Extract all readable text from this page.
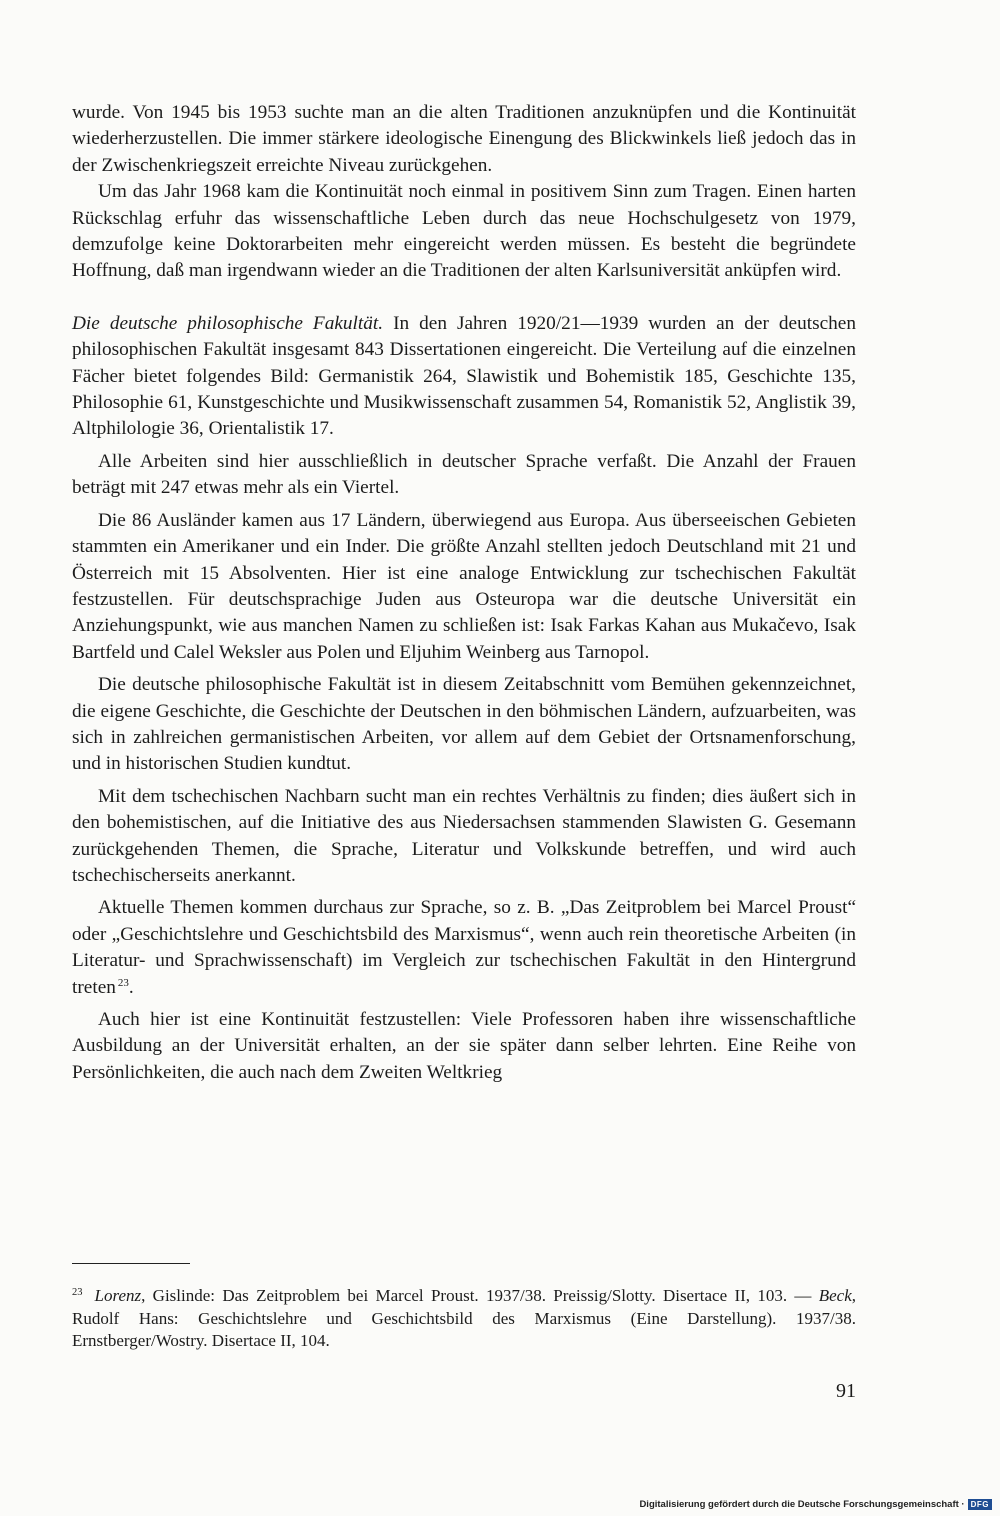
wurde. Von 1945 bis 1953 suchte man an die alten Traditionen anzuknüpfen und die Kontinuität wiederherzustellen. Die immer stärkere ideologische Einengung des Blickwinkels ließ jedoch das in der Zwischenkriegszeit erreichte Niveau zurückgehen.

Um das Jahr 1968 kam die Kontinuität noch einmal in positivem Sinn zum Tragen. Einen harten Rückschlag erfuhr das wissenschaftliche Leben durch das neue Hochschulgesetz von 1979, demzufolge keine Doktorarbeiten mehr eingereicht werden müssen. Es besteht die begründete Hoffnung, daß man irgendwann wieder an die Traditionen der alten Karlsuniversität anküpfen wird.

Die deutsche philosophische Fakultät. In den Jahren 1920/21—1939 wurden an der deutschen philosophischen Fakultät insgesamt 843 Dissertationen eingereicht. Die Verteilung auf die einzelnen Fächer bietet folgendes Bild: Germanistik 264, Slawistik und Bohemistik 185, Geschichte 135, Philosophie 61, Kunstgeschichte und Musikwissenschaft zusammen 54, Romanistik 52, Anglistik 39, Altphilologie 36, Orientalistik 17.

Alle Arbeiten sind hier ausschließlich in deutscher Sprache verfaßt. Die Anzahl der Frauen beträgt mit 247 etwas mehr als ein Viertel.

Die 86 Ausländer kamen aus 17 Ländern, überwiegend aus Europa. Aus überseeischen Gebieten stammten ein Amerikaner und ein Inder. Die größte Anzahl stellten jedoch Deutschland mit 21 und Österreich mit 15 Absolventen. Hier ist eine analoge Entwicklung zur tschechischen Fakultät festzustellen. Für deutschsprachige Juden aus Osteuropa war die deutsche Universität ein Anziehungspunkt, wie aus manchen Namen zu schließen ist: Isak Farkas Kahan aus Mukačevo, Isak Bartfeld und Calel Weksler aus Polen und Eljuhim Weinberg aus Tarnopol.

Die deutsche philosophische Fakultät ist in diesem Zeitabschnitt vom Bemühen gekennzeichnet, die eigene Geschichte, die Geschichte der Deutschen in den böhmischen Ländern, aufzuarbeiten, was sich in zahlreichen germanistischen Arbeiten, vor allem auf dem Gebiet der Ortsnamenforschung, und in historischen Studien kundtut.

Mit dem tschechischen Nachbarn sucht man ein rechtes Verhältnis zu finden; dies äußert sich in den bohemistischen, auf die Initiative des aus Niedersachsen stammenden Slawisten G. Gesemann zurückgehenden Themen, die Sprache, Literatur und Volkskunde betreffen, und wird auch tschechischerseits anerkannt.

Aktuelle Themen kommen durchaus zur Sprache, so z. B. „Das Zeitproblem bei Marcel Proust“ oder „Geschichtslehre und Geschichtsbild des Marxismus“, wenn auch rein theoretische Arbeiten (in Literatur- und Sprachwissenschaft) im Vergleich zur tschechischen Fakultät in den Hintergrund treten $^{23}$.

Auch hier ist eine Kontinuität festzustellen: Viele Professoren haben ihre wissenschaftliche Ausbildung an der Universität erhalten, an der sie später dann selber lehrten. Eine Reihe von Persönlichkeiten, die auch nach dem Zweiten Weltkrieg

$^{23}$ Lorenz, Gislinde: Das Zeitproblem bei Marcel Proust. 1937/38. Preissig/Slotty. Disertace II, 103. — Beck, Rudolf Hans: Geschichtslehre und Geschichtsbild des Marxismus (Eine Darstellung). 1937/38. Ernstberger/Wostry. Disertace II, 104.

91
Digitalisierung gefördert durch die Deutsche Forschungsgemeinschaft · DFG
